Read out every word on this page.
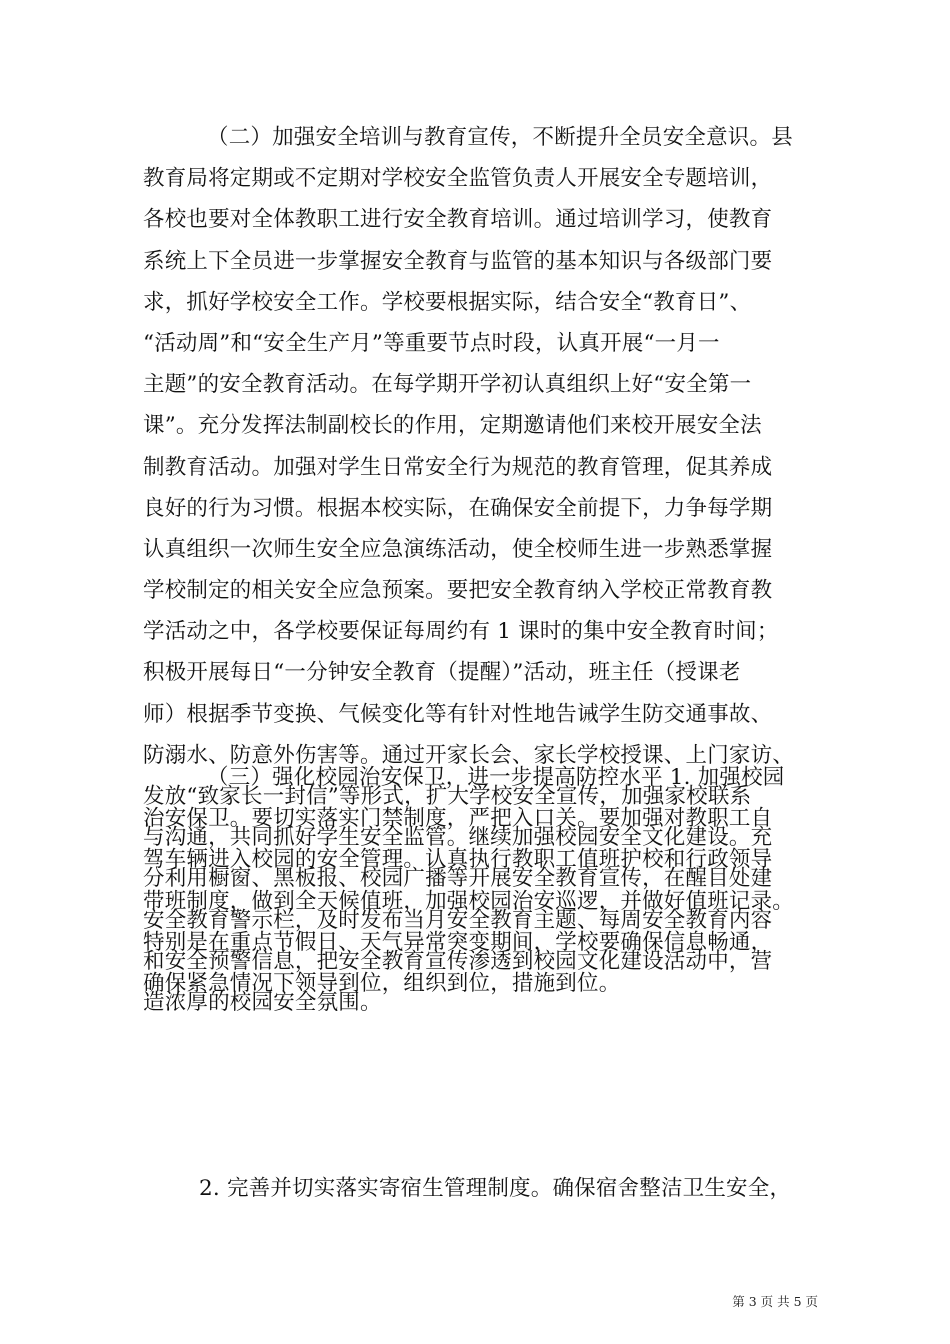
（二）加强安全培训与教育宣传，不断提升全员安全意识。县
教育局将定期或不定期对学校安全监管负责人开展安全专题培训，
各校也要对全体教职工进行安全教育培训。通过培训学习，使教育
系统上下全员进一步掌握安全教育与监管的基本知识与各级部门要
求，抓好学校安全工作。学校要根据实际，结合安全“教育日”、
“活动周”和“安全生产月”等重要节点时段，认真开展“一月一
主题”的安全教育活动。在每学期开学初认真组织上好“安全第一
课”。充分发挥法制副校长的作用，定期邀请他们来校开展安全法
制教育活动。加强对学生日常安全行为规范的教育管理，促其养成
良好的行为习惯。根据本校实际，在确保安全前提下，力争每学期
认真组织一次师生安全应急演练活动，使全校师生进一步熟悉掌握
学校制定的相关安全应急预案。要把安全教育纳入学校正常教育教
学活动之中，各学校要保证每周约有 1 课时的集中安全教育时间；
积极开展每日“一分钟安全教育（提醒）”活动，班主任（授课老
师）根据季节变换、气候变化等有针对性地告诫学生防交通事故、
防溺水、防意外伤害等。通过开家长会、家长学校授课、上门家访、
发放“致家长一封信”等形式，扩大学校安全宣传，加强家校联系
与沟通，共同抓好学生安全监管。继续加强校园安全文化建设。充
分利用橱窗、黑板报、校园广播等开展安全教育宣传，在醒目处建
安全教育警示栏，及时发布当月安全教育主题、每周安全教育内容
和安全预警信息，把安全教育宣传渗透到校园文化建设活动中，营
造浓厚的校园安全氛围。
（三）强化校园治安保卫，进一步提高防控水平 1. 加强校园
治安保卫。要切实落实门禁制度，严把入口关。要加强对教职工自
驾车辆进入校园的安全管理。认真执行教职工值班护校和行政领导
带班制度，做到全天候值班，加强校园治安巡逻，并做好值班记录。
特别是在重点节假日、天气异常突变期间，学校要确保信息畅通，
确保紧急情况下领导到位，组织到位，措施到位。
2. 完善并切实落实寄宿生管理制度。确保宿舍整洁卫生安全，
第 3 页 共 5 页
